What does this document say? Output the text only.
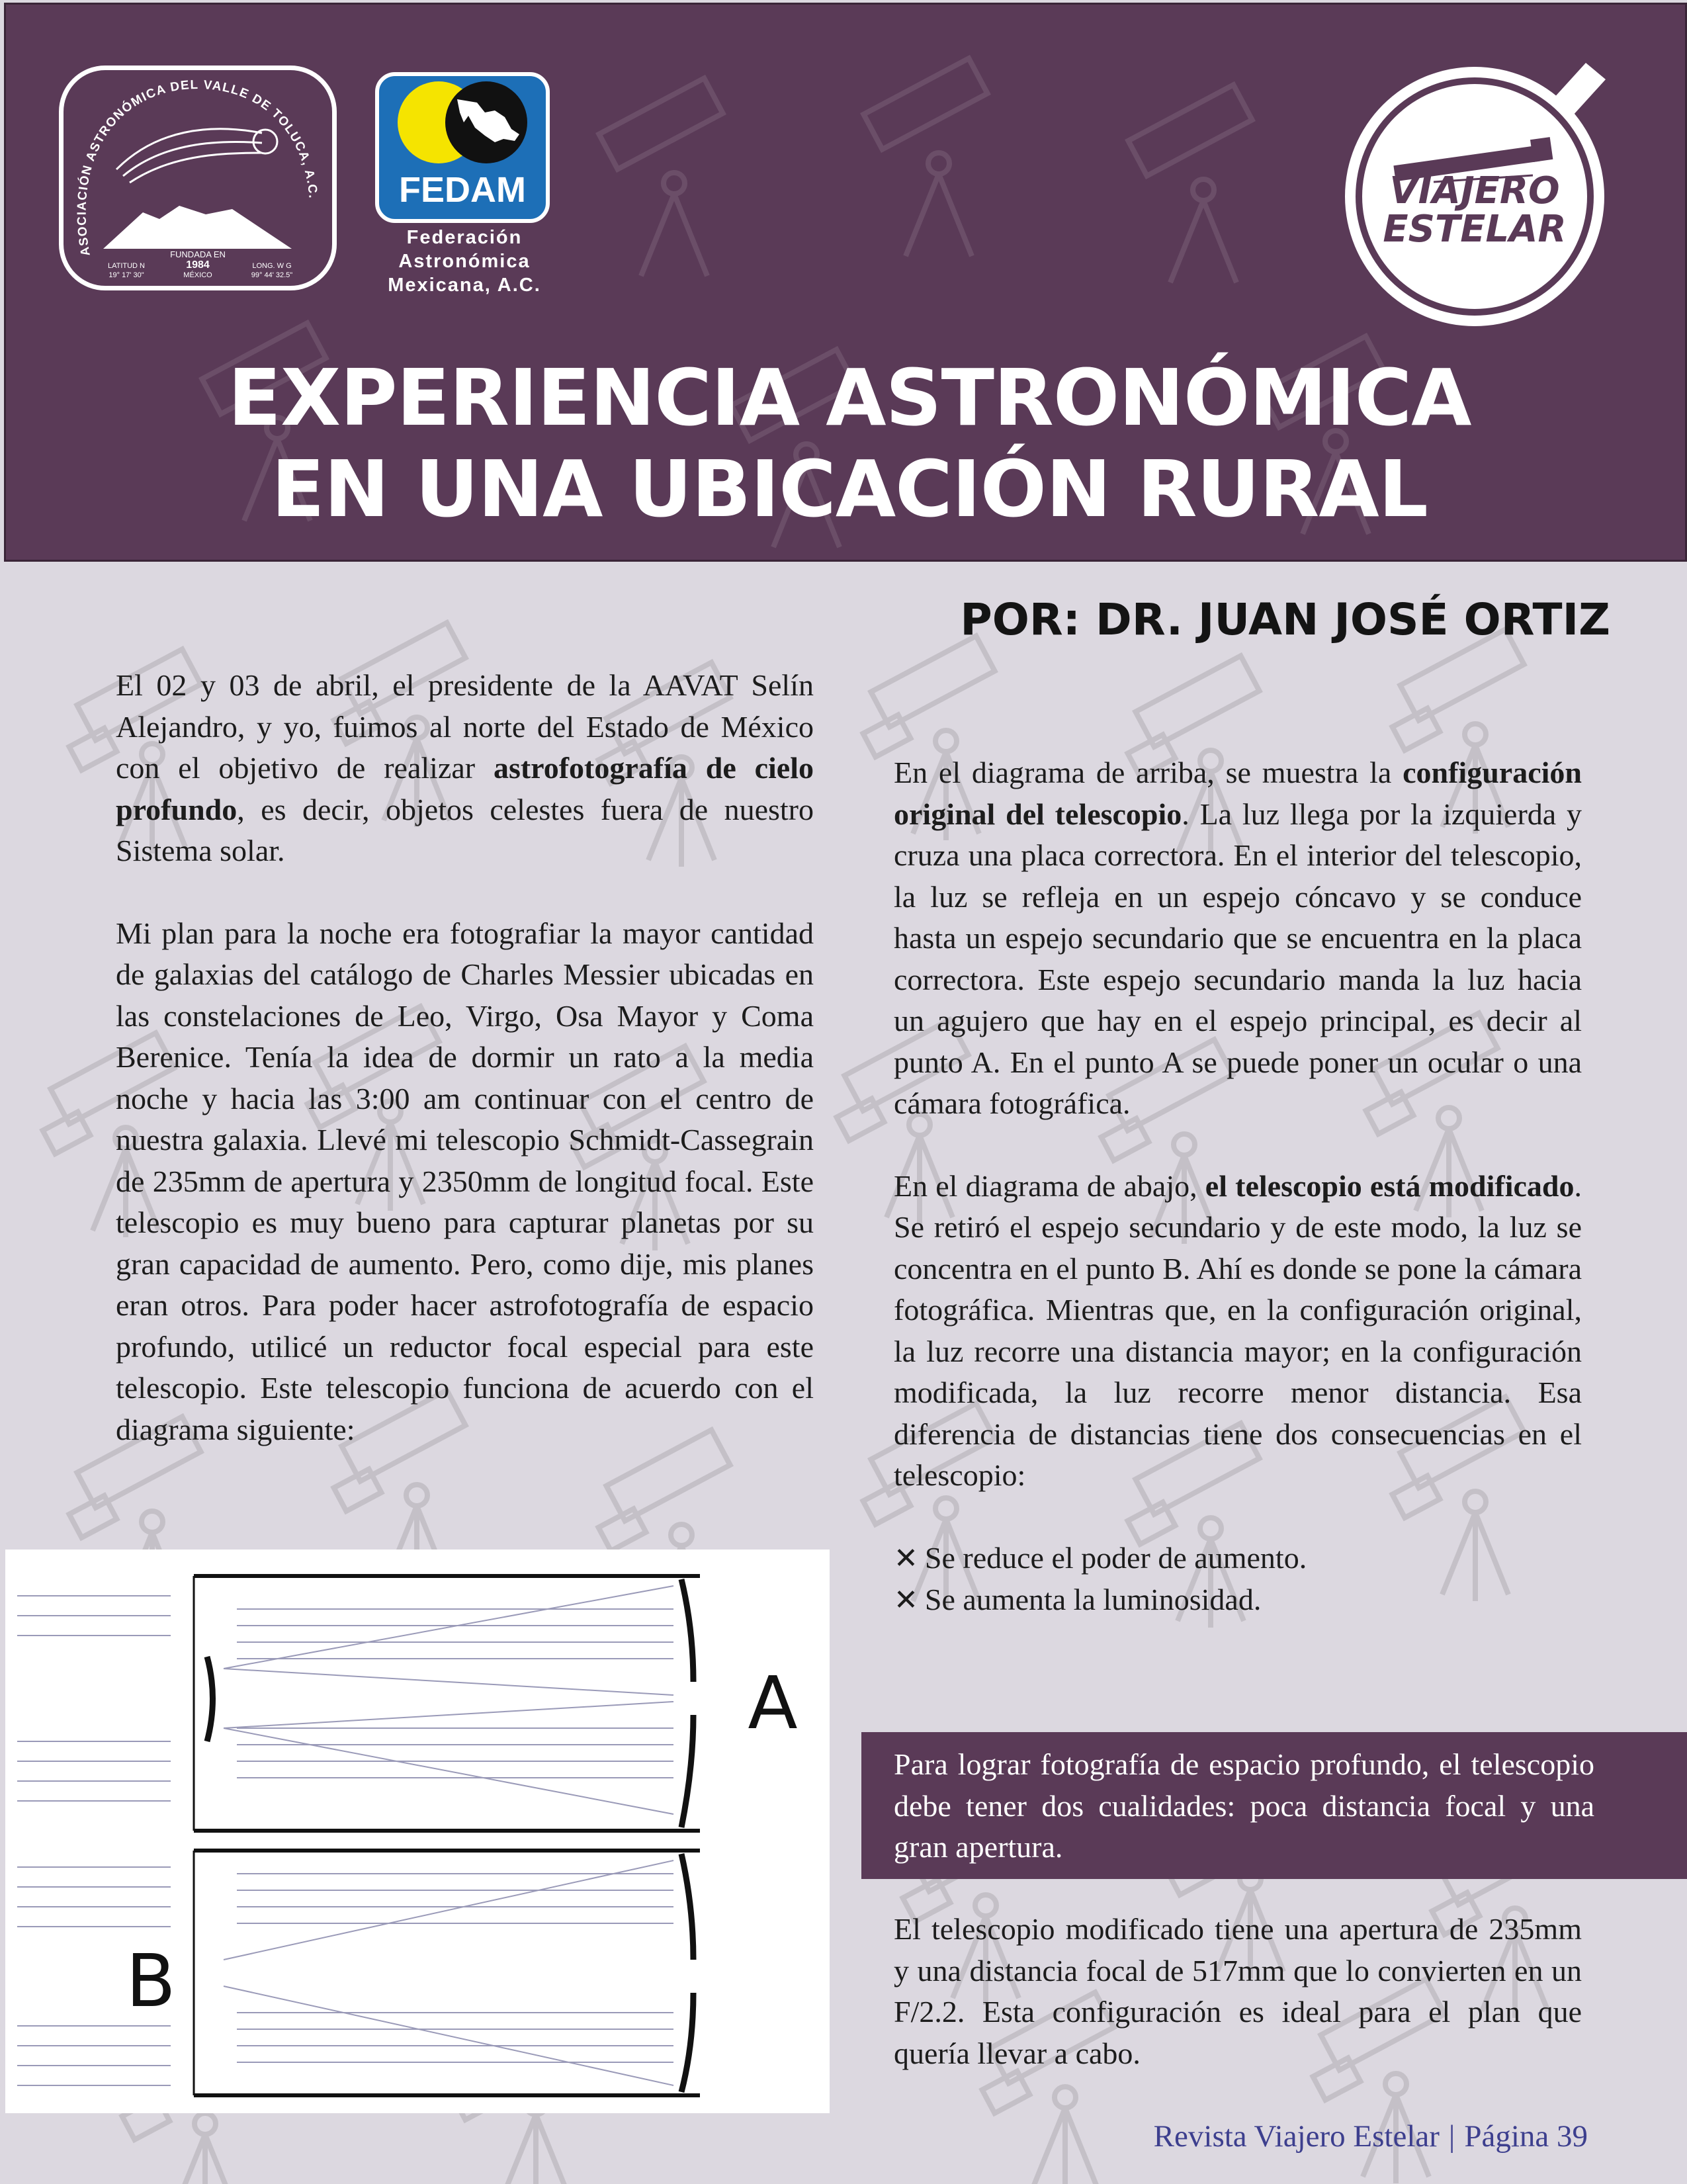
ASOCIACIÓN ASTRONÓMICA DEL VALLE DE TOLUCA, A.C.
FUNDADA EN
1984
MÉXICO
LATITUD N
19° 17' 30"
LONG. W G
99° 44' 32.5"
FEDAM
Federación
Astronómica
Mexicana, A.C.
VIAJERO
ESTELAR
EXPERIENCIA ASTRONÓMICA
EN UNA UBICACIÓN RURAL
POR: DR. JUAN JOSÉ ORTIZ

El 02 y 03 de abril, el presidente de la AAVAT Selín Alejandro, y yo, fuimos al norte del Estado de México con el objetivo de realizar astrofotografía de cielo profundo, es decir, objetos celestes fuera de nuestro Sistema solar.

Mi plan para la noche era fotografiar la mayor cantidad de galaxias del catálogo de Charles Messier ubicadas en las constelaciones de Leo, Virgo, Osa Mayor y Coma Berenice. Tenía la idea de dormir un rato a la media noche y hacia las 3:00 am continuar con el centro de nuestra galaxia. Llevé mi telescopio Schmidt-Cassegrain de 235mm de apertura y 2350mm de longitud focal. Este telescopio es muy bueno para capturar planetas por su gran capacidad de aumento. Pero, como dije, mis planes eran otros. Para poder hacer astrofotografía de espacio profundo, utilicé un reductor focal especial para este telescopio. Este telescopio funciona de acuerdo con el diagrama siguiente:

A
B

En el diagrama de arriba, se muestra la configuración original del telescopio. La luz llega por la izquierda y cruza una placa correctora. En el interior del telescopio, la luz se refleja en un espejo cóncavo y se conduce hasta un espejo secundario que se encuentra en la placa correctora. Este espejo secundario manda la luz hacia un agujero que hay en el espejo principal, es decir al punto A. En el punto A se puede poner un ocular o una cámara fotográfica.

En el diagrama de abajo, el telescopio está modificado. Se retiró el espejo secundario y de este modo, la luz se concentra en el punto B. Ahí es donde se pone la cámara fotográfica. Mientras que, en la configuración original, la luz recorre una distancia mayor; en la configuración modificada, la luz recorre menor distancia. Esa diferencia de distancias tiene dos consecuencias en el telescopio:

✕ Se reduce el poder de aumento.
✕ Se aumenta la luminosidad.
Para lograr fotografía de espacio profundo, el telescopio debe tener dos cualidades: poca distancia focal y una gran apertura.

El telescopio modificado tiene una apertura de 235mm y una distancia focal de 517mm que lo convierten en un F/2.2. Esta configuración es ideal para el plan que quería llevar a cabo.

Revista Viajero Estelar | Página 39
